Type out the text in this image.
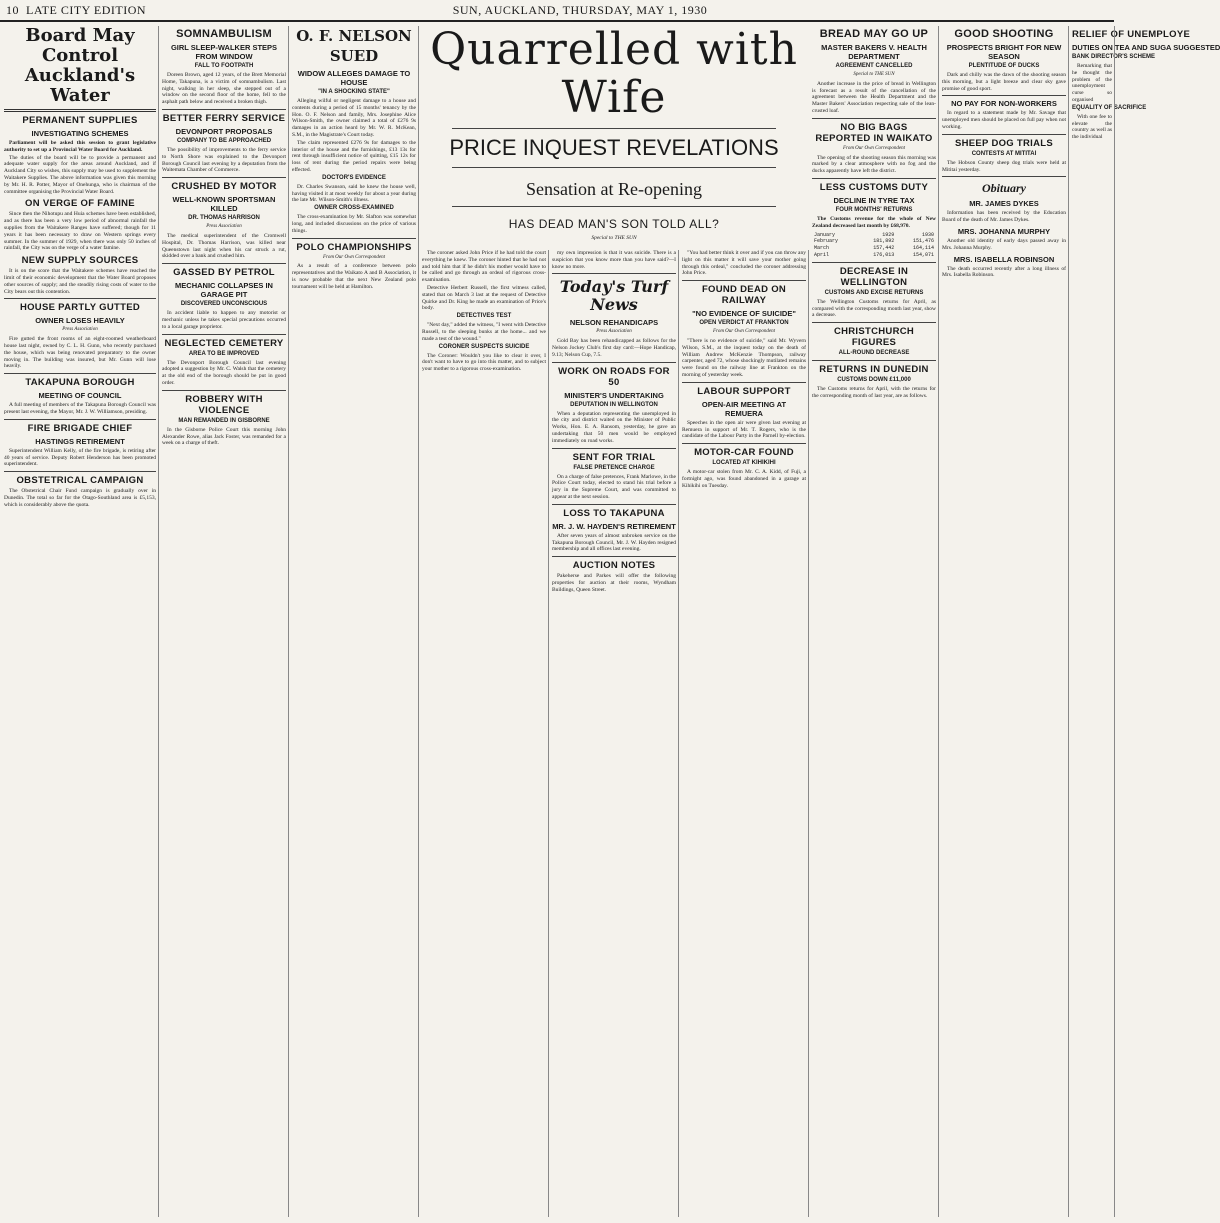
10 LATE CITY EDITION	SUN, AUCKLAND, THURSDAY, MAY 1, 1930
Board May Control Auckland's Water
PERMANENT SUPPLIES
INVESTIGATING SCHEMES

Parliament will be asked this session to grant legislative authority to set up a Provincial Water Board for Auckland.

The duties of the board will be to provide a permanent and adequate water supply for the areas around Auckland, and if Auckland City so wishes, this supply may be used to supplement the Waitakere Supplies. The above information was given this morning by Mr. H. R. Potter, Mayor of Onehunga, who is chairman of the committee organising the Provincial Water Board.

ON VERGE OF FAMINE

Since then the Nihotupu and Huia schemes have been established, and as there has been a very low period of abnormal rainfall the supplies from the Waitakere Ranges have suffered; though for 11 years it has been necessary to draw on Western springs every summer. In the summer of 1929, when there was only 50 inches of rainfall, the City was on the verge of a water famine.

NEW SUPPLY SOURCES

It is on the score that the Waitakere schemes have reached the limit of their economic development that the Water Board proposes other sources of supply; and the steadily rising costs of water to the City bears out this contention.

HOUSE PARTLY GUTTED
OWNER LOSES HEAVILY
Press Association

Fire gutted the front rooms of an eight-roomed weatherboard house last night, owned by C. L. H. Gunn, who recently purchased the house, which was being renovated preparatory to the owner moving in. The building was insured, but Mr. Gunn will lose heavily.

TAKAPUNA BOROUGH
MEETING OF COUNCIL

A full meeting of members of the Takapuna Borough Council was present last evening, the Mayor, Mr. J. W. Williamson, presiding.

FIRE BRIGADE CHIEF
HASTINGS RETIREMENT

Superintendent William Kelly, of the fire brigade, is retiring after 40 years of service. Deputy Robert Henderson has been promoted superintendent.

OBSTETRICAL CAMPAIGN

The Obstetrical Chair Fund campaign is gradually over in Dunedin. The total so far for the Otago-Southland area is £5,153, which is considerably above the quota.

SOMNAMBULISM
GIRL SLEEP-WALKER STEPS FROM WINDOW
FALL TO FOOTPATH

Doreen Brown, aged 12 years, of the Brett Memorial Home, Takapuna, is a victim of somnambulism. Last night, walking in her sleep, she stepped out of a window on the second floor of the home, fell to the asphalt path below and received a broken thigh.

BETTER FERRY SERVICE
DEVONPORT PROPOSALS
COMPANY TO BE APPROACHED

The possibility of improvements to the ferry service to North Shore was explained to the Devonport Borough Council last evening by a deputation from the Waitemata Chamber of Commerce.

CRUSHED BY MOTOR
WELL-KNOWN SPORTSMAN KILLED
DR. THOMAS HARRISON
Press Association

The medical superintendent of the Cromwell Hospital, Dr. Thomas Harrison, was killed near Queenstown last night when his car struck a rut, skidded over a bank and crushed him.

GASSED BY PETROL
MECHANIC COLLAPSES IN GARAGE PIT
DISCOVERED UNCONSCIOUS

In accident liable to happen to any motorist or mechanic unless he takes special precautions occurred to a local garage proprietor.

NEGLECTED CEMETERY
AREA TO BE IMPROVED

The Devonport Borough Council last evening adopted a suggestion by Mr. C. Walsh that the cemetery at the old end of the borough should be put in good order.

ROBBERY WITH VIOLENCE
MAN REMANDED IN GISBORNE

In the Gisborne Police Court this morning John Alexander Rowe, alias Jack Foster, was remanded for a week on a charge of theft.

O. F. NELSON SUED
WIDOW ALLEGES DAMAGE TO HOUSE
"IN A SHOCKING STATE"

Alleging wilful or negligent damage to a house and contents during a period of 15 months' tenancy by the Hon. O. F. Nelson and family, Mrs. Josephine Alice Wilson-Smith, the owner claimed a total of £276 9s damages in an action heard by Mr. W. R. McKean, S.M., in the Magistrate's Court today.

The claim represented £276 9s for damages to the interior of the house and the furnishings, £13 13s for rent through insufficient notice of quitting, £15 12s for loss of rent during the period repairs were being effected.

DOCTOR'S EVIDENCE

Dr. Charles Swanson, said he knew the house well, having visited it at most weekly for about a year during the late Mr. Wilson-Smith's illness.

OWNER CROSS-EXAMINED

The cross-examination by Mr. Slafton was somewhat long, and included discussions on the price of various things.

POLO CHAMPIONSHIPS
From Our Own Correspondent

As a result of a conference between polo representatives and the Waikato A and B Association, it is now probable that the next New Zealand polo tournament will be held at Hamilton.

Quarrelled with Wife
PRICE INQUEST REVELATIONS
Sensation at Re-opening
HAS DEAD MAN'S SON TOLD ALL?
Special to THE SUN

The coroner asked John Price if he had told the court everything he knew. The coroner hinted that he had not and told him that if he didn't his mother would have to be called and go through an ordeal of rigorous cross-examination.

Detective Herbert Russell, the first witness called, stated that on March 3 last at the request of Detective Quirke and Dr. King he made an examination of Price's body.

DETECTIVES TEST

"Next day," added the witness, "I went with Detective Russell, to the sleeping bunks at the home... and we made a test of the wound."

CORONER SUSPECTS SUICIDE

The Coroner: Wouldn't you like to clear it over, I don't want to have to go into this matter, and to subject your mother to a rigorous cross-examination.

my own impression is that it was suicide. There is a suspicion that you know more than you have said?—I know no more.

Today's Turf News
NELSON REHANDICAPS
Press Association

Gold Bay has been rehandicapped as follows for the Nelson Jockey Club's first day card:—Hope Handicap, 9.13; Nelson Cup, 7.5.

WORK ON ROADS FOR 50
MINISTER'S UNDERTAKING
DEPUTATION IN WELLINGTON

When a deputation representing the unemployed in the city and district waited on the Minister of Public Works, Hon. E. A. Ransom, yesterday, he gave an undertaking that 50 men would be employed immediately on road works.

SENT FOR TRIAL
FALSE PRETENCE CHARGE

On a charge of false pretences, Frank Marlowe, in the Police Court today, elected to stand his trial before a jury in the Supreme Court, and was committed to appear at the next session.

LOSS TO TAKAPUNA
MR. J. W. HAYDEN'S RETIREMENT

After seven years of almost unbroken service on the Takapuna Borough Council, Mr. J. W. Hayden resigned membership and all offices last evening.

AUCTION NOTES

Pakeherse and Parkes will offer the following properties for auction at their rooms, Wyndham Buildings, Queen Street.

"You had better think it over and if you can throw any light on this matter it will save your mother going through this ordeal," concluded the coroner addressing John Price.

FOUND DEAD ON RAILWAY
"NO EVIDENCE OF SUICIDE"
OPEN VERDICT AT FRANKTON
From Our Own Correspondent

"There is no evidence of suicide," said Mr. Wyvern Wilson, S.M., at the inquest today on the death of William Andrew McKenzie Thompson, railway carpenter, aged 72, whose shockingly mutilated remains were found on the railway line at Frankton on the morning of yesterday week.

LABOUR SUPPORT
OPEN-AIR MEETING AT REMUERA

Speeches in the open air were given last evening at Remuera in support of Mr. T. Rogers, who is the candidate of the Labour Party in the Parnell by-election.

MOTOR-CAR FOUND
LOCATED AT KIHIKIHI

A motor-car stolen from Mr. C. A. Kidd, of Fuji, a fortnight ago, was found abandoned in a garage at Kihikihi on Tuesday.

BREAD MAY GO UP
MASTER BAKERS V. HEALTH DEPARTMENT
AGREEMENT CANCELLED
Special to THE SUN

Another increase in the price of bread in Wellington is forecast as a result of the cancellation of the agreement between the Health Department and the Master Bakers' Association respecting sale of the lean-crusted loaf.

NO BIG BAGS REPORTED IN WAIKATO
From Our Own Correspondent

The opening of the shooting season this morning was marked by a clear atmosphere with no fog and the ducks apparently have left the district.

LESS CUSTOMS DUTY
DECLINE IN TYRE TAX
FOUR MONTHS' RETURNS

The Customs revenue for the whole of New Zealand decreased last month by £68,970.

January	1929	1930
February	181,892	151,476
March	157,442	164,114
April	176,013	154,071
DECREASE IN WELLINGTON
CUSTOMS AND EXCISE RETURNS

The Wellington Customs returns for April, as compared with the corresponding month last year, show a decrease.

CHRISTCHURCH FIGURES
ALL-ROUND DECREASE
RETURNS IN DUNEDIN
CUSTOMS DOWN £11,000

The Customs returns for April, with the returns for the corresponding month of last year, are as follows.

GOOD SHOOTING
PROSPECTS BRIGHT FOR NEW SEASON
PLENTITUDE OF DUCKS

Dark and chilly was the dawn of the shooting season this morning, but a light breeze and clear sky gave promise of good sport.

NO PAY FOR NON-WORKERS

In regard to a statement made by Mr. Savage that unemployed men should be placed on full pay when not working.

SHEEP DOG TRIALS
CONTESTS AT MITITAI

The Hobson County sheep dog trials were held at Mititai yesterday.

Obituary
MR. JAMES DYKES

Information has been received by the Education Board of the death of Mr. James Dykes.

MRS. JOHANNA MURPHY

Another old identity of early days passed away in Mrs. Johanna Murphy.

MRS. ISABELLA ROBINSON

The death occurred recently after a long illness of Mrs. Isabella Robinson.

RELIEF OF UNEMPLOYE
DUTIES ON TEA AND SUGA SUGGESTED
BANK DIRECTOR'S SCHEME

Remarking that he thought the problem of the unemployment curse so organised

EQUALITY OF SACRIFICE

With one fee to elevate the country as well as the individual
